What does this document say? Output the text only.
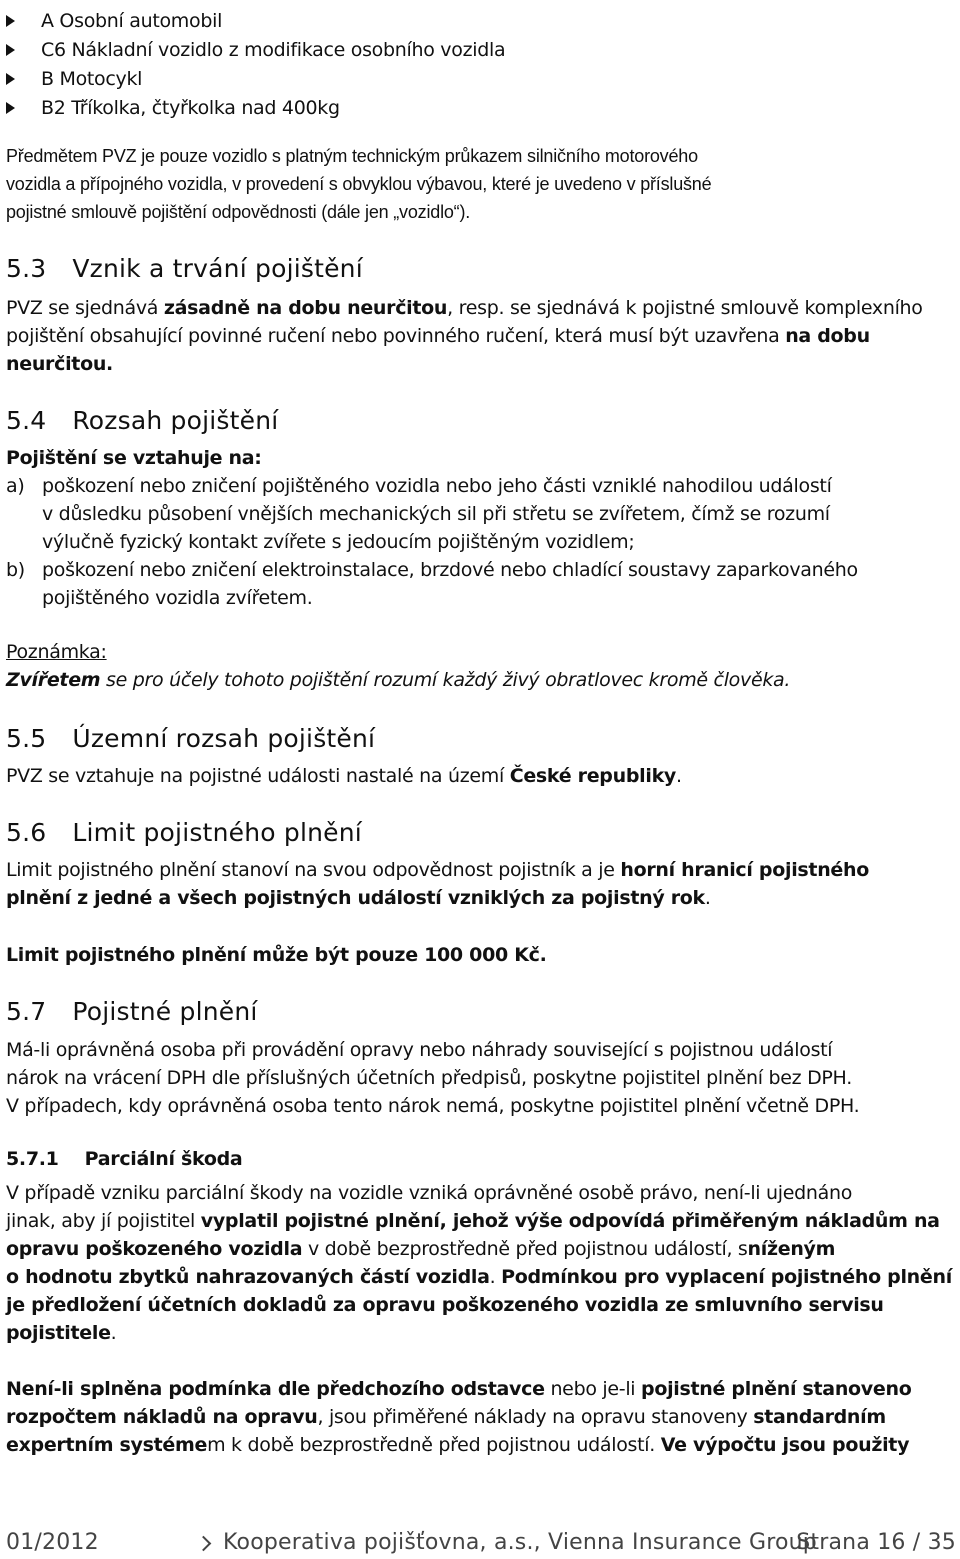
A Osobní automobil
C6 Nákladní vozidlo z modifikace osobního vozidla
B Motocykl
B2 Tříkolka, čtyřkolka nad 400kg
Předmětem PVZ je pouze vozidlo s platným technickým průkazem silničního motorového
vozidla a přípojného vozidla, v provedení s obvyklou výbavou, které je uvedeno v příslušné
pojistné smlouvě pojištění odpovědnosti (dále jen „vozidlo“).
5.3 Vznik a trvání pojištění
PVZ se sjednává zásadně na dobu neurčitou, resp. se sjednává k pojistné smlouvě komplexního
pojištění obsahující povinné ručení nebo povinného ručení, která musí být uzavřena na dobu
neurčitou.
5.4 Rozsah pojištění
Pojištění se vztahuje na:
a) poškození nebo zničení pojištěného vozidla nebo jeho části vzniklé nahodilou událostí
v důsledku působení vnějších mechanických sil při střetu se zvířetem, čímž se rozumí
výlučně fyzický kontakt zvířete s jedoucím pojištěným vozidlem;
b) poškození nebo zničení elektroinstalace, brzdové nebo chladící soustavy zaparkovaného
pojištěného vozidla zvířetem.
Poznámka:
Zvířetem se pro účely tohoto pojištění rozumí každý živý obratlovec kromě člověka.
5.5 Územní rozsah pojištění
PVZ se vztahuje na pojistné události nastalé na území České republiky.
5.6 Limit pojistného plnění
Limit pojistného plnění stanoví na svou odpovědnost pojistník a je horní hranicí pojistného
plnění z jedné a všech pojistných událostí vzniklých za pojistný rok.
Limit pojistného plnění může být pouze 100 000 Kč.
5.7 Pojistné plnění
Má-li oprávněná osoba při provádění opravy nebo náhrady související s pojistnou událostí
nárok na vrácení DPH dle příslušných účetních předpisů, poskytne pojistitel plnění bez DPH.
V případech, kdy oprávněná osoba tento nárok nemá, poskytne pojistitel plnění včetně DPH.
5.7.1 Parciální škoda
V případě vzniku parciální škody na vozidle vzniká oprávněné osobě právo, není-li ujednáno
jinak, aby jí pojistitel vyplatil pojistné plnění, jehož výše odpovídá přiměřeným nákladům na
opravu poškozeného vozidla v době bezprostředně před pojistnou událostí, sníženým
o hodnotu zbytků nahrazovaných částí vozidla. Podmínkou pro vyplacení pojistného plnění
je předložení účetních dokladů za opravu poškozeného vozidla ze smluvního servisu
pojistitele.
Není-li splněna podmínka dle předchozího odstavce nebo je-li pojistné plnění stanoveno
rozpočtem nákladů na opravu, jsou přiměřené náklady na opravu stanoveny standardním
expertním systémem k době bezprostředně před pojistnou událostí. Ve výpočtu jsou použity
01/2012	Kooperativa pojišťovna, a.s., Vienna Insurance Group
Strana 16 / 35
